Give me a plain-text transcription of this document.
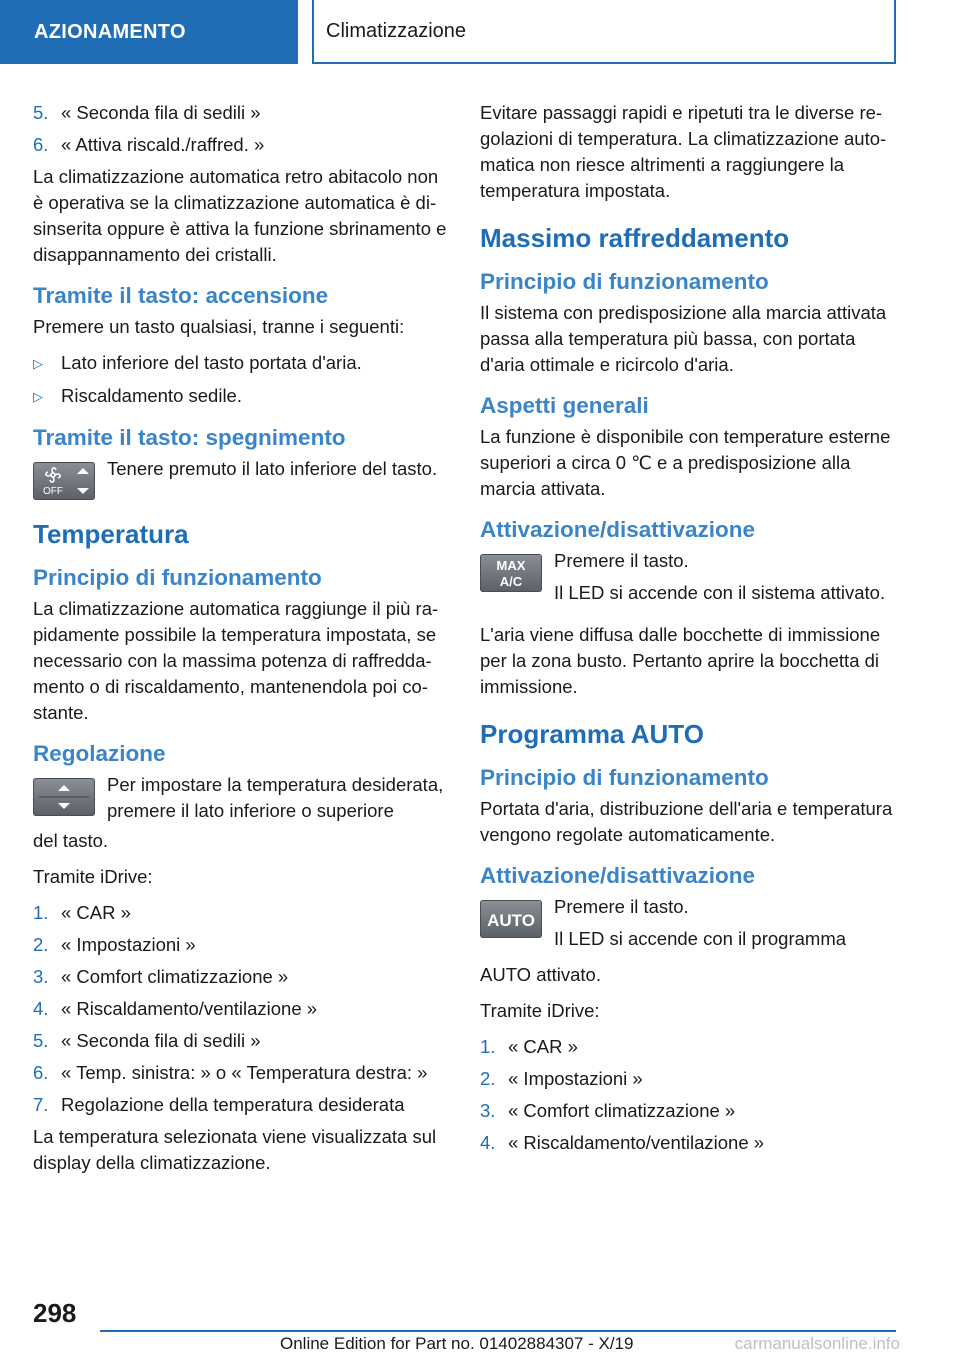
AZIONAMENTO	Climatizzazione
5. « Seconda fila di sedili »
6. « Attiva riscald./raffred. »

La climatizzazione automatica retro abitacolo non è operativa se la climatizzazione automatica è disinserita oppure è attiva la funzione sbrinamento e disappannamento dei cristalli.

Tramite il tasto: accensione

Premere un tasto qualsiasi, tranne i seguenti:

▷ Lato inferiore del tasto portata d'aria.
▷ Riscaldamento sedile.
Tramite il tasto: spegnimento
OFF
Tenere premuto il lato inferiore del tasto.
Temperatura
Principio di funzionamento

La climatizzazione automatica raggiunge il più rapidamente possibile la temperatura impostata, se necessario con la massima potenza di raffreddamento o di riscaldamento, mantenendola poi costante.

Regolazione
Per impostare la temperatura desiderata, premere il lato inferiore o superiore

del tasto.

Tramite iDrive:

1. « CAR »
2. « Impostazioni »
3. « Comfort climatizzazione »
4. « Riscaldamento/ventilazione »
5. « Seconda fila di sedili »
6. « Temp. sinistra: » o « Temperatura destra: »
7. Regolazione della temperatura desiderata

La temperatura selezionata viene visualizzata sul display della climatizzazione.

Evitare passaggi rapidi e ripetuti tra le diverse regolazioni di temperatura. La climatizzazione automatica non riesce altrimenti a raggiungere la temperatura impostata.

Massimo raffreddamento
Principio di funzionamento

Il sistema con predisposizione alla marcia attivata passa alla temperatura più bassa, con portata d'aria ottimale e ricircolo d'aria.

Aspetti generali

La funzione è disponibile con temperature esterne superiori a circa 0 ℃ e a predisposizione alla marcia attivata.

Attivazione/disattivazione
MAX
A/C

Premere il tasto.

Il LED si accende con il sistema attivato.

L'aria viene diffusa dalle bocchette di immissione per la zona busto. Pertanto aprire la bocchetta di immissione.

Programma AUTO
Principio di funzionamento

Portata d'aria, distribuzione dell'aria e temperatura vengono regolate automaticamente.

Attivazione/disattivazione
AUTO

Premere il tasto.

Il LED si accende con il programma

AUTO attivato.

Tramite iDrive:

1. « CAR »
2. « Impostazioni »
3. « Comfort climatizzazione »
4. « Riscaldamento/ventilazione »
298
Online Edition for Part no. 01402884307 - X/19	carmanualsonline.info
